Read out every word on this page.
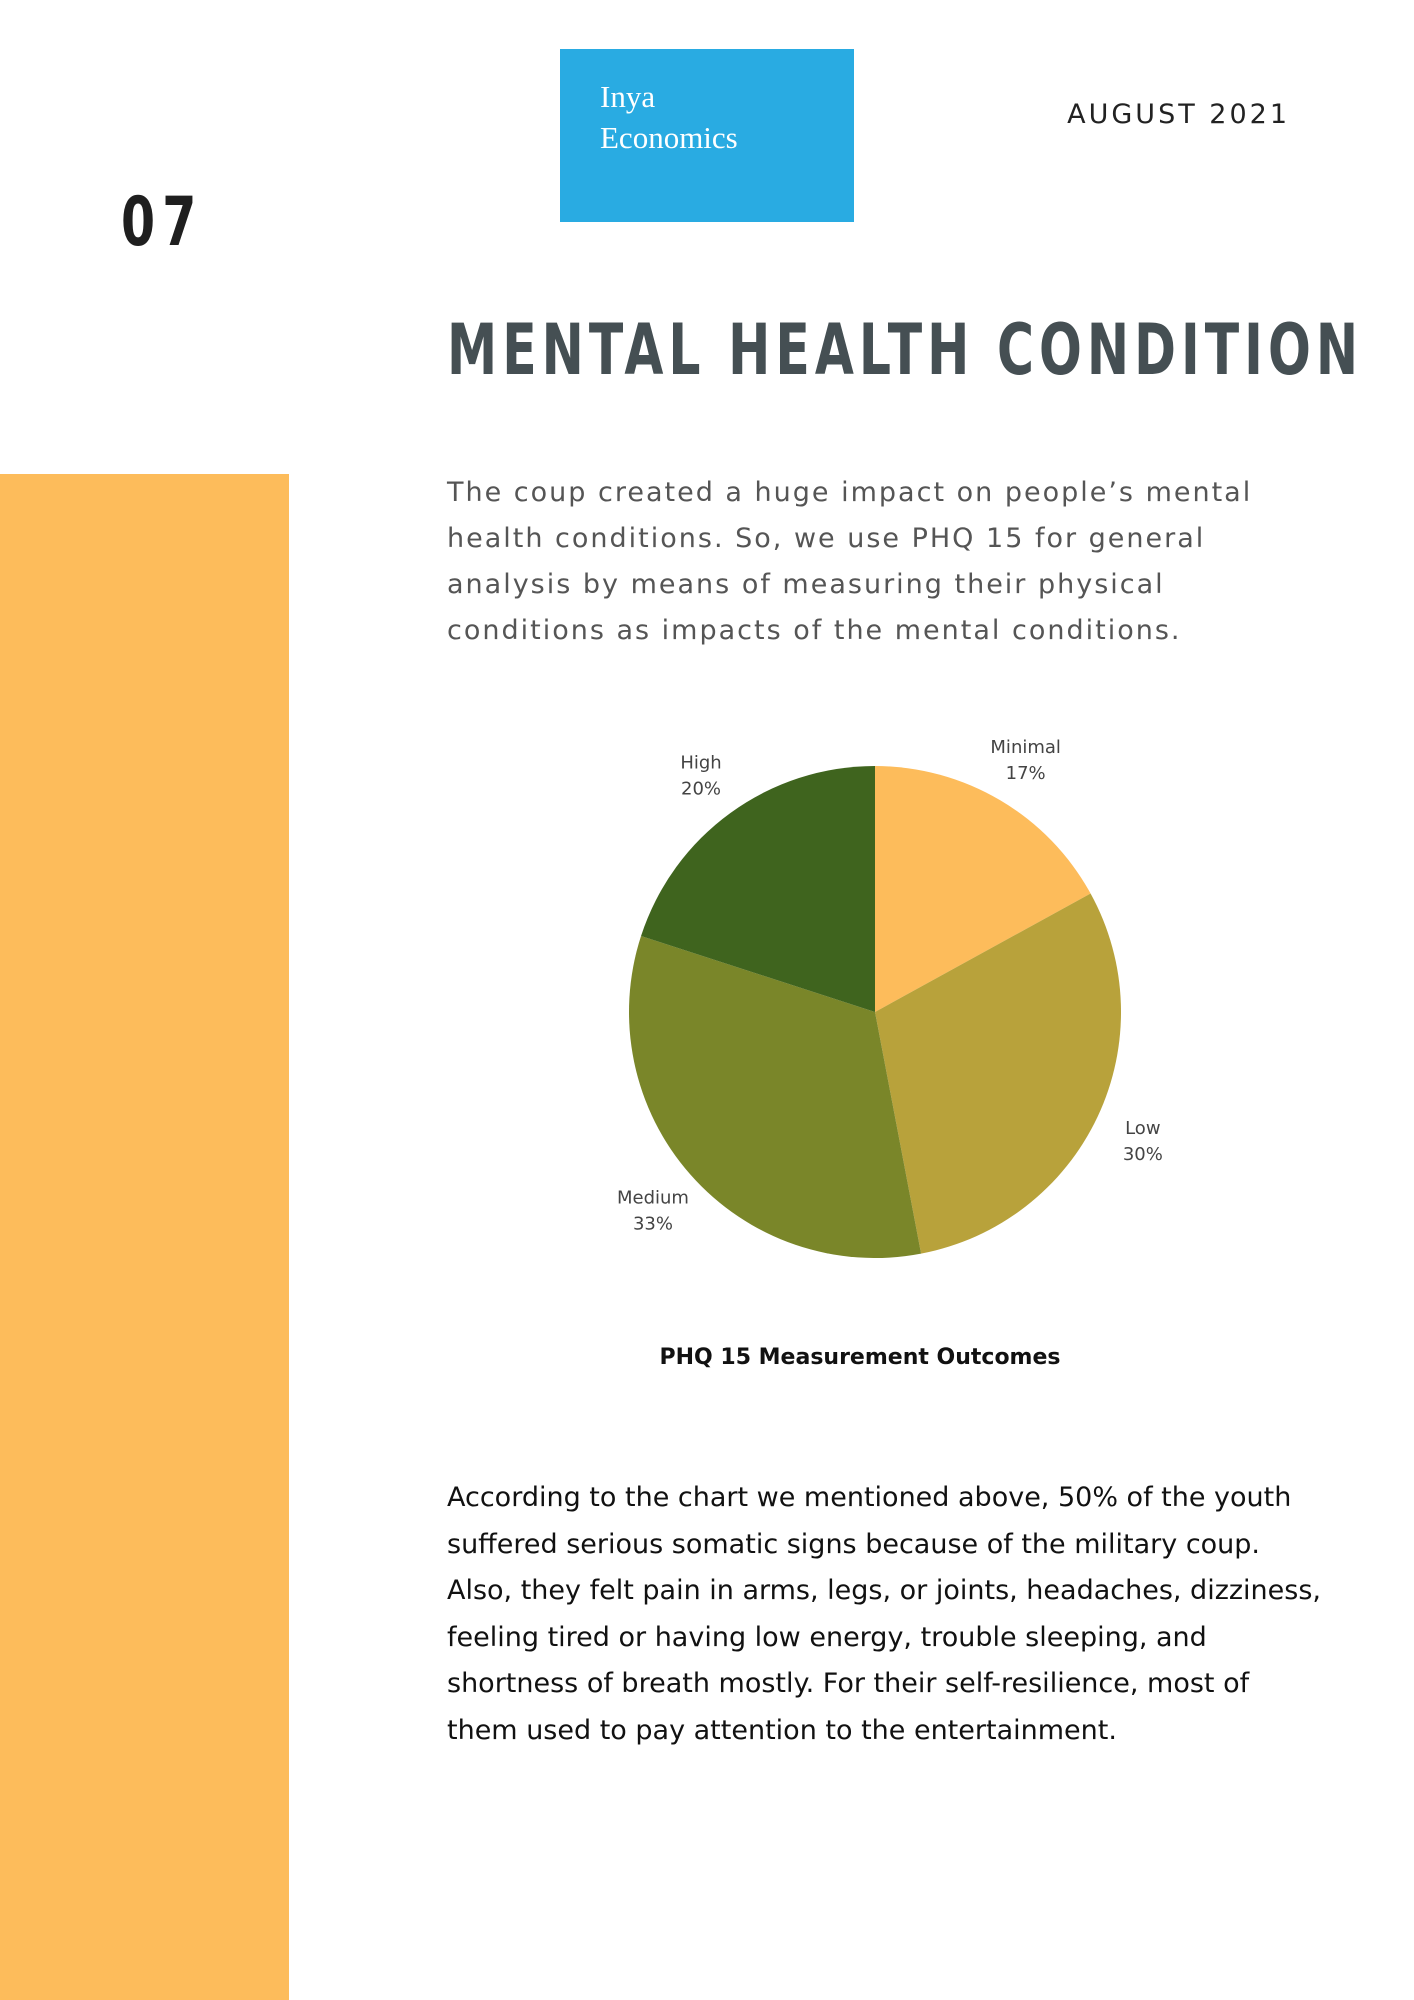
Inya
Economics
AUGUST 2021
07
MENTAL HEALTH CONDITION
The coup created a huge impact on people’s mental health conditions. So, we use PHQ 15 for general analysis by means of measuring their physical conditions as impacts of the mental conditions.
Minimal
17%
Low
30%
Medium
33%
High
20%
PHQ 15 Measurement Outcomes
According to the chart we mentioned above, 50% of the youth suffered serious somatic signs because of the military coup. Also, they felt pain in arms, legs, or joints, headaches, dizziness, feeling tired or having low energy, trouble sleeping, and shortness of breath mostly. For their self-resilience, most of them used to pay attention to the entertainment.
